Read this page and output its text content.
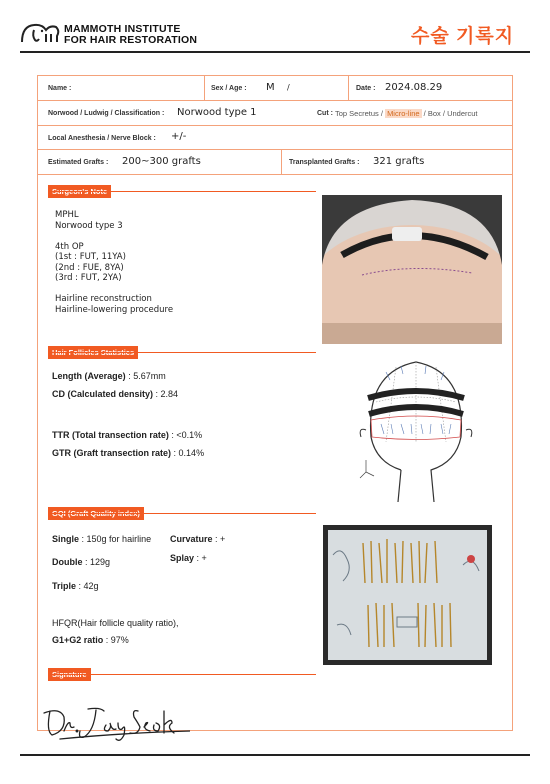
MAMMOTH INSTITUTE
FOR HAIR RESTORATION	수술 기록지
Name :	Sex / Age : M /	Date : 2024.08.29
Norwood / Ludwig / Classification : Norwood type 1	Cut : Top Secretus / Micro-line / Box / Undercut
Local Anesthesia / Nerve Block : +/-
Estimated Grafts : 200~300 grafts	Transplanted Grafts : 321 grafts
MPHL
Norwood type 3
4th OP
(1st : FUT, 11YA)
(2nd : FUE, 8YA)
(3rd : FUT, 2YA)
Hairline reconstruction
Hairline-lowering procedure
Length (Average) : 5.67mm
CD (Calculated density) : 2.84
TTR (Total transection rate) : <0.1%
GTR (Graft transection rate) : 0.14%
Single : 150g for hairline Curvature : +
Splay : +
Double : 129g
Triple : 42g
HFQR(Hair follicle quality ratio),
G1+G2 ratio : 97%
